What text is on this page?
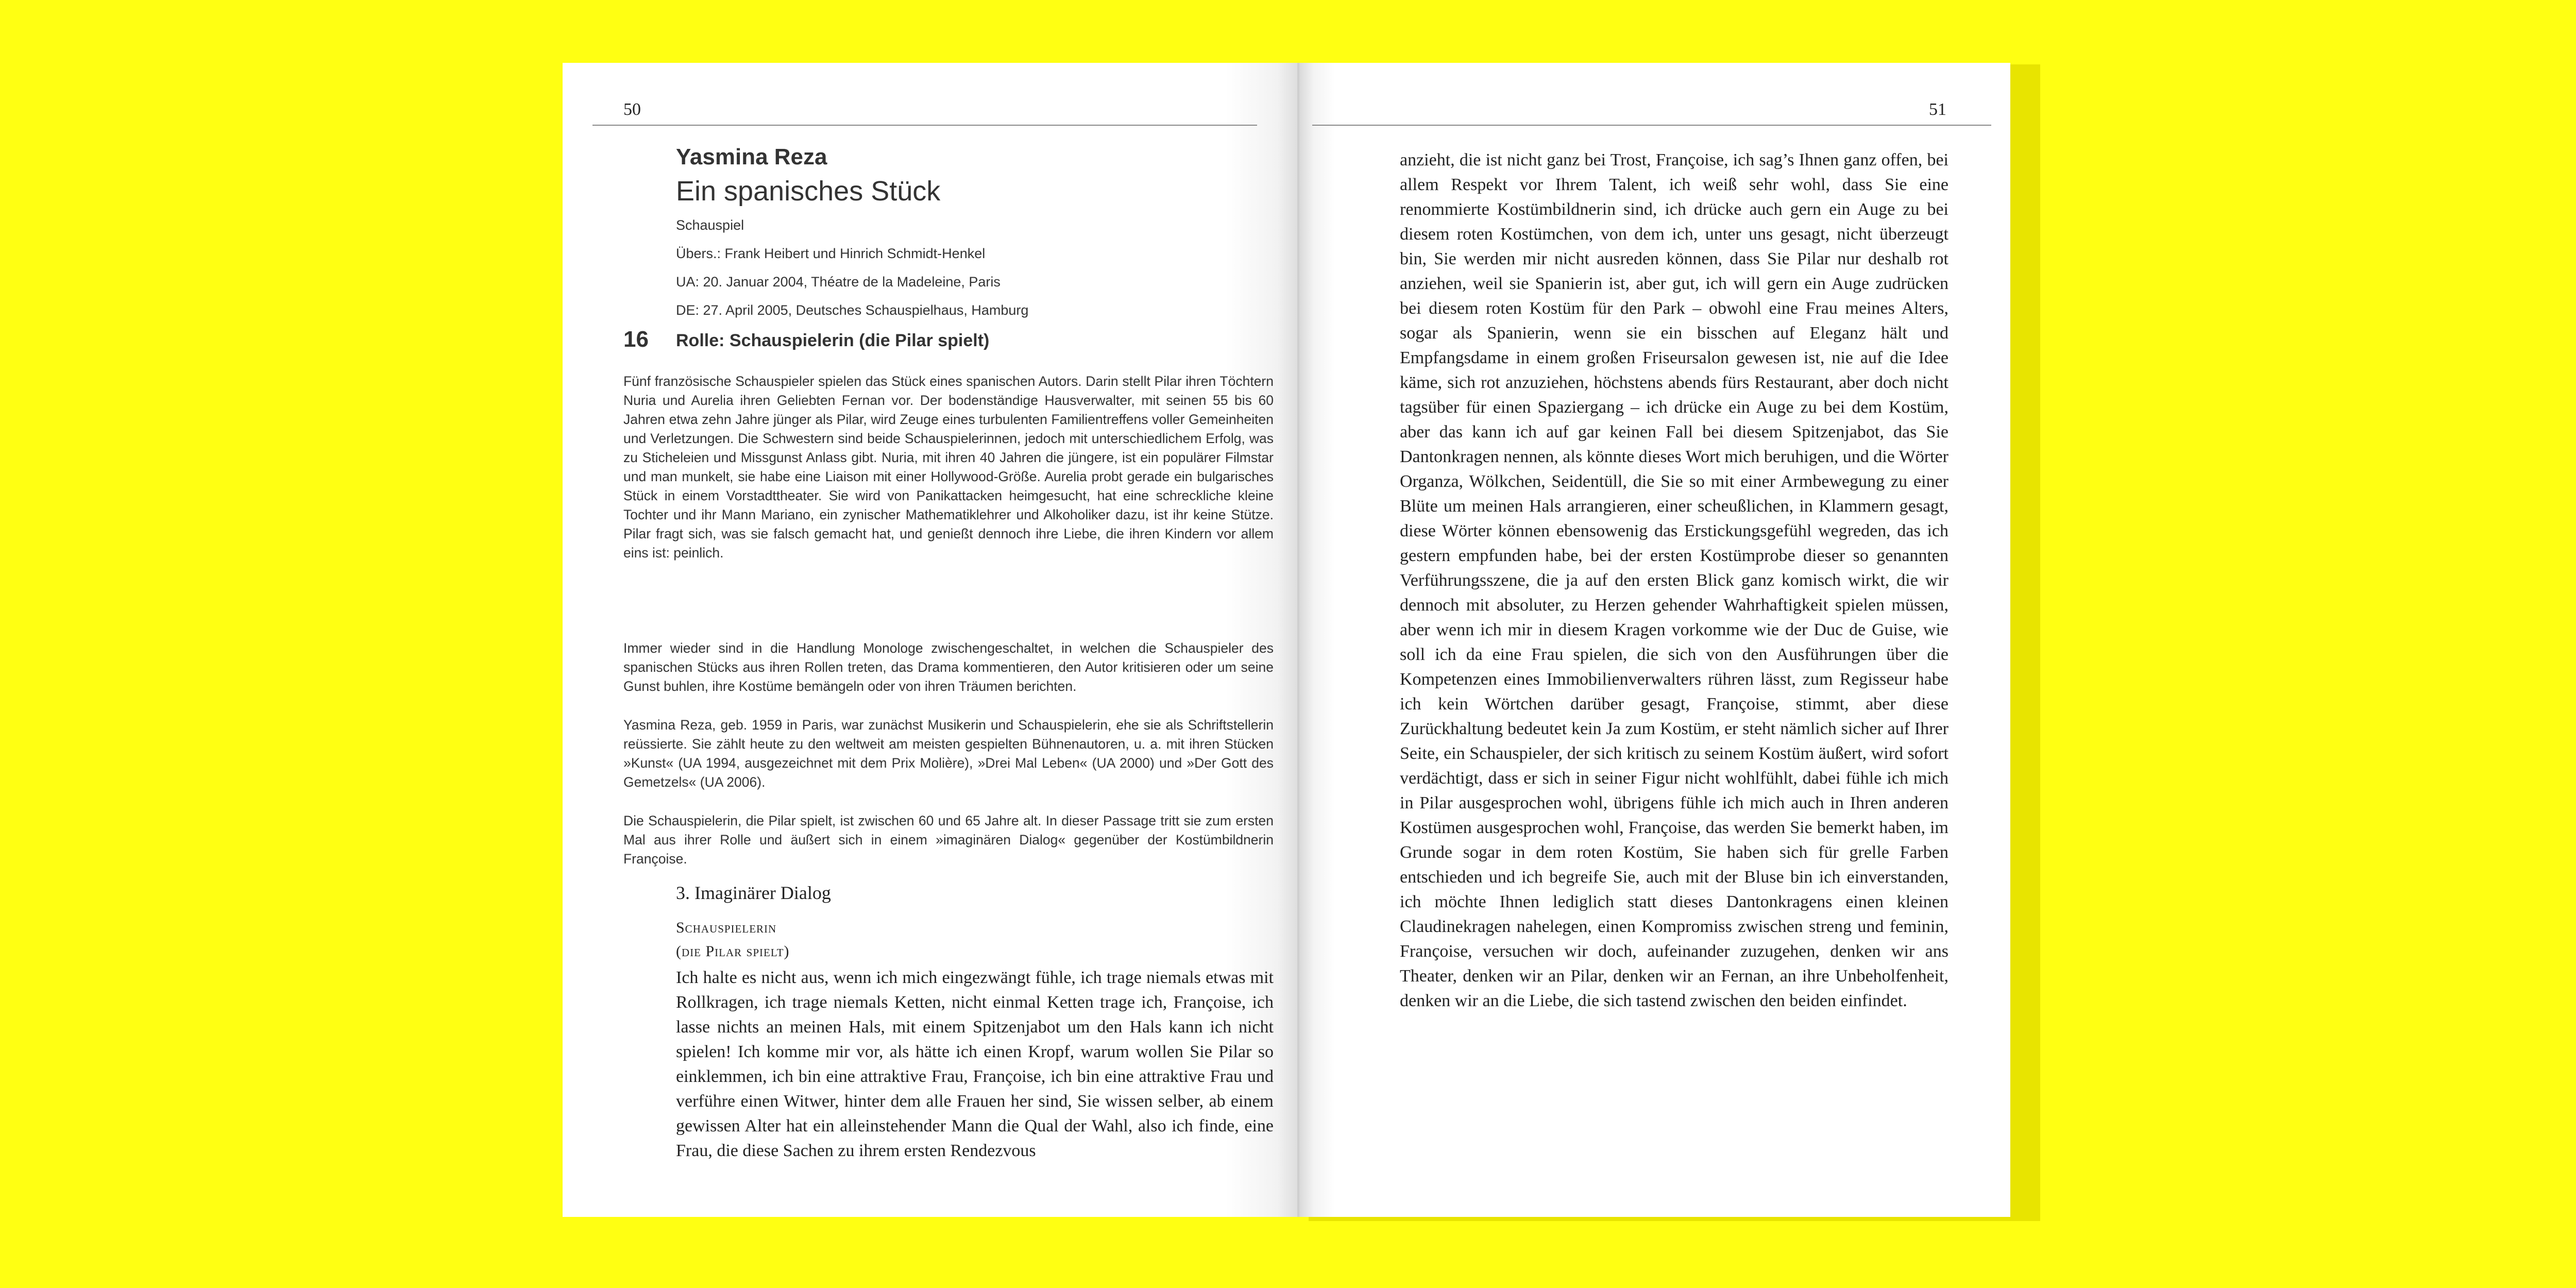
50
Yasmina Reza
Ein spanisches Stück
Schauspiel
Übers.: Frank Heibert und Hinrich Schmidt-Henkel
UA: 20. Januar 2004, Théatre de la Madeleine, Paris
DE: 27. April 2005, Deutsches Schauspielhaus, Hamburg
16 Rolle: Schauspielerin (die Pilar spielt)
Fünf französische Schauspieler spielen das Stück eines spanischen Autors. Darin stellt Pilar ihren Töchtern Nuria und Aurelia ihren Geliebten Fernan vor. Der bodenständige Hausverwalter, mit seinen 55 bis 60 Jahren etwa zehn Jahre jünger als Pilar, wird Zeuge eines turbulenten Familientreffens voller Gemeinheiten und Verletzungen. Die Schwestern sind beide Schauspielerinnen, jedoch mit unterschiedlichem Erfolg, was zu Sticheleien und Missgunst Anlass gibt. Nuria, mit ihren 40 Jahren die jüngere, ist ein populärer Filmstar und man munkelt, sie habe eine Liaison mit einer Hollywood-Größe. Aurelia probt gerade ein bulgarisches Stück in einem Vorstadttheater. Sie wird von Panikattacken heimgesucht, hat eine schreckliche kleine Tochter und ihr Mann Mariano, ein zynischer Mathematiklehrer und Alkoholiker dazu, ist ihr keine Stütze. Pilar fragt sich, was sie falsch gemacht hat, und genießt dennoch ihre Liebe, die ihren Kindern vor allem eins ist: peinlich.
Immer wieder sind in die Handlung Monologe zwischengeschaltet, in welchen die Schauspieler des spanischen Stücks aus ihren Rollen treten, das Drama kommentieren, den Autor kritisieren oder um seine Gunst buhlen, ihre Kostüme bemängeln oder von ihren Träumen berichten.
Yasmina Reza, geb. 1959 in Paris, war zunächst Musikerin und Schauspielerin, ehe sie als Schriftstellerin reüssierte. Sie zählt heute zu den weltweit am meisten gespielten Bühnenautoren, u. a. mit ihren Stücken »Kunst« (UA 1994, ausgezeichnet mit dem Prix Molière), »Drei Mal Leben« (UA 2000) und »Der Gott des Gemetzels« (UA 2006).
Die Schauspielerin, die Pilar spielt, ist zwischen 60 und 65 Jahre alt. In dieser Passage tritt sie zum ersten Mal aus ihrer Rolle und äußert sich in einem »imaginären Dialog« gegenüber der Kostümbildnerin Françoise.
3. Imaginärer Dialog
Schauspielerin
(die Pilar spielt)
Ich halte es nicht aus, wenn ich mich eingezwängt fühle, ich trage niemals etwas mit Rollkragen, ich trage niemals Ketten, nicht einmal Ketten trage ich, Françoise, ich lasse nichts an meinen Hals, mit einem Spitzenjabot um den Hals kann ich nicht spielen! Ich komme mir vor, als hätte ich einen Kropf, warum wollen Sie Pilar so einklemmen, ich bin eine attraktive Frau, Françoise, ich bin eine attraktive Frau und verführe einen Witwer, hinter dem alle Frauen her sind, Sie wissen selber, ab einem gewissen Alter hat ein alleinstehender Mann die Qual der Wahl, also ich finde, eine Frau, die diese Sachen zu ihrem ersten Rendezvous
51
anzieht, die ist nicht ganz bei Trost, Françoise, ich sag’s Ihnen ganz offen, bei allem Respekt vor Ihrem Talent, ich weiß sehr wohl, dass Sie eine renommierte Kostümbildnerin sind, ich drücke auch gern ein Auge zu bei diesem roten Kostümchen, von dem ich, unter uns gesagt, nicht überzeugt bin, Sie werden mir nicht ausreden können, dass Sie Pilar nur deshalb rot anziehen, weil sie Spanierin ist, aber gut, ich will gern ein Auge zudrücken bei diesem roten Kostüm für den Park – obwohl eine Frau meines Alters, sogar als Spanierin, wenn sie ein bisschen auf Eleganz hält und Empfangsdame in einem großen Friseursalon gewesen ist, nie auf die Idee käme, sich rot anzuziehen, höchstens abends fürs Restaurant, aber doch nicht tagsüber für einen Spaziergang – ich drücke ein Auge zu bei dem Kostüm, aber das kann ich auf gar keinen Fall bei diesem Spitzenjabot, das Sie Dantonkragen nennen, als könnte dieses Wort mich beruhigen, und die Wörter Organza, Wölkchen, Seidentüll, die Sie so mit einer Armbewegung zu einer Blüte um meinen Hals arrangieren, einer scheußlichen, in Klammern gesagt, diese Wörter können ebensowenig das Erstickungsgefühl wegreden, das ich gestern empfunden habe, bei der ersten Kostümprobe dieser so genannten Verführungsszene, die ja auf den ersten Blick ganz komisch wirkt, die wir dennoch mit absoluter, zu Herzen gehender Wahrhaftigkeit spielen müssen, aber wenn ich mir in diesem Kragen vorkomme wie der Duc de Guise, wie soll ich da eine Frau spielen, die sich von den Ausführungen über die Kompetenzen eines Immobilienverwalters rühren lässt, zum Regisseur habe ich kein Wörtchen darüber gesagt, Françoise, stimmt, aber diese Zurückhaltung bedeutet kein Ja zum Kostüm, er steht nämlich sicher auf Ihrer Seite, ein Schauspieler, der sich kritisch zu seinem Kostüm äußert, wird sofort verdächtigt, dass er sich in seiner Figur nicht wohlfühlt, dabei fühle ich mich in Pilar ausgesprochen wohl, übrigens fühle ich mich auch in Ihren anderen Kostümen ausgesprochen wohl, Françoise, das werden Sie bemerkt haben, im Grunde sogar in dem roten Kostüm, Sie haben sich für grelle Farben entschieden und ich begreife Sie, auch mit der Bluse bin ich einverstanden, ich möchte Ihnen lediglich statt dieses Dantonkragens einen kleinen Claudinekragen nahelegen, einen Kompromiss zwischen streng und feminin, Françoise, versuchen wir doch, aufeinander zuzugehen, denken wir ans Theater, denken wir an Pilar, denken wir an Fernan, an ihre Unbeholfenheit, denken wir an die Liebe, die sich tastend zwischen den beiden einfindet.
